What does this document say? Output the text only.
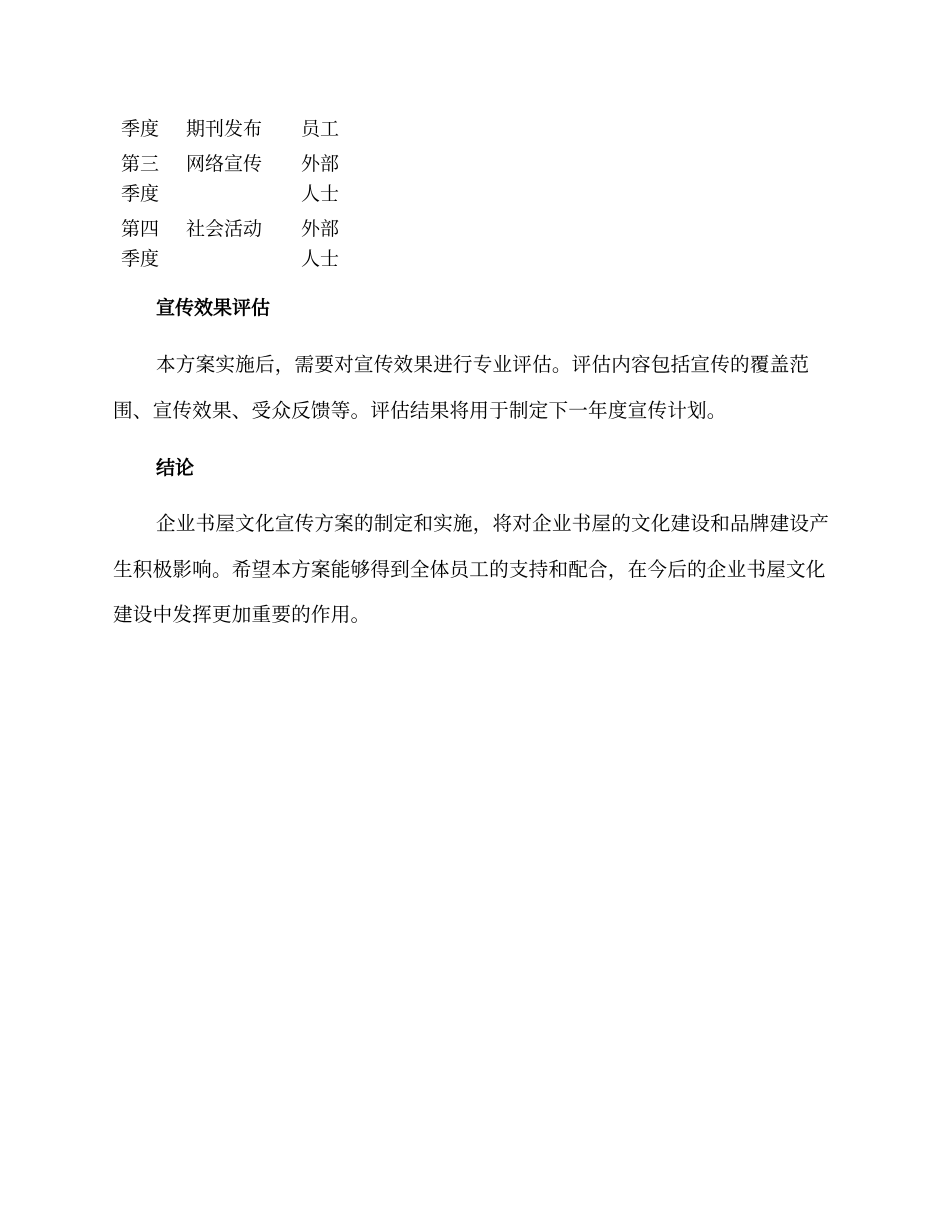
季度	期刊发布	员工

第三
季度	网络宣传	外部
人士

第四
季度	社会活动	外部
人士
宣传效果评估

本方案实施后，需要对宣传效果进行专业评估。评估内容包括宣传的覆盖范围、宣传效果、受众反馈等。评估结果将用于制定下一年度宣传计划。

结论

企业书屋文化宣传方案的制定和实施，将对企业书屋的文化建设和品牌建设产生积极影响。希望本方案能够得到全体员工的支持和配合，在今后的企业书屋文化建设中发挥更加重要的作用。
